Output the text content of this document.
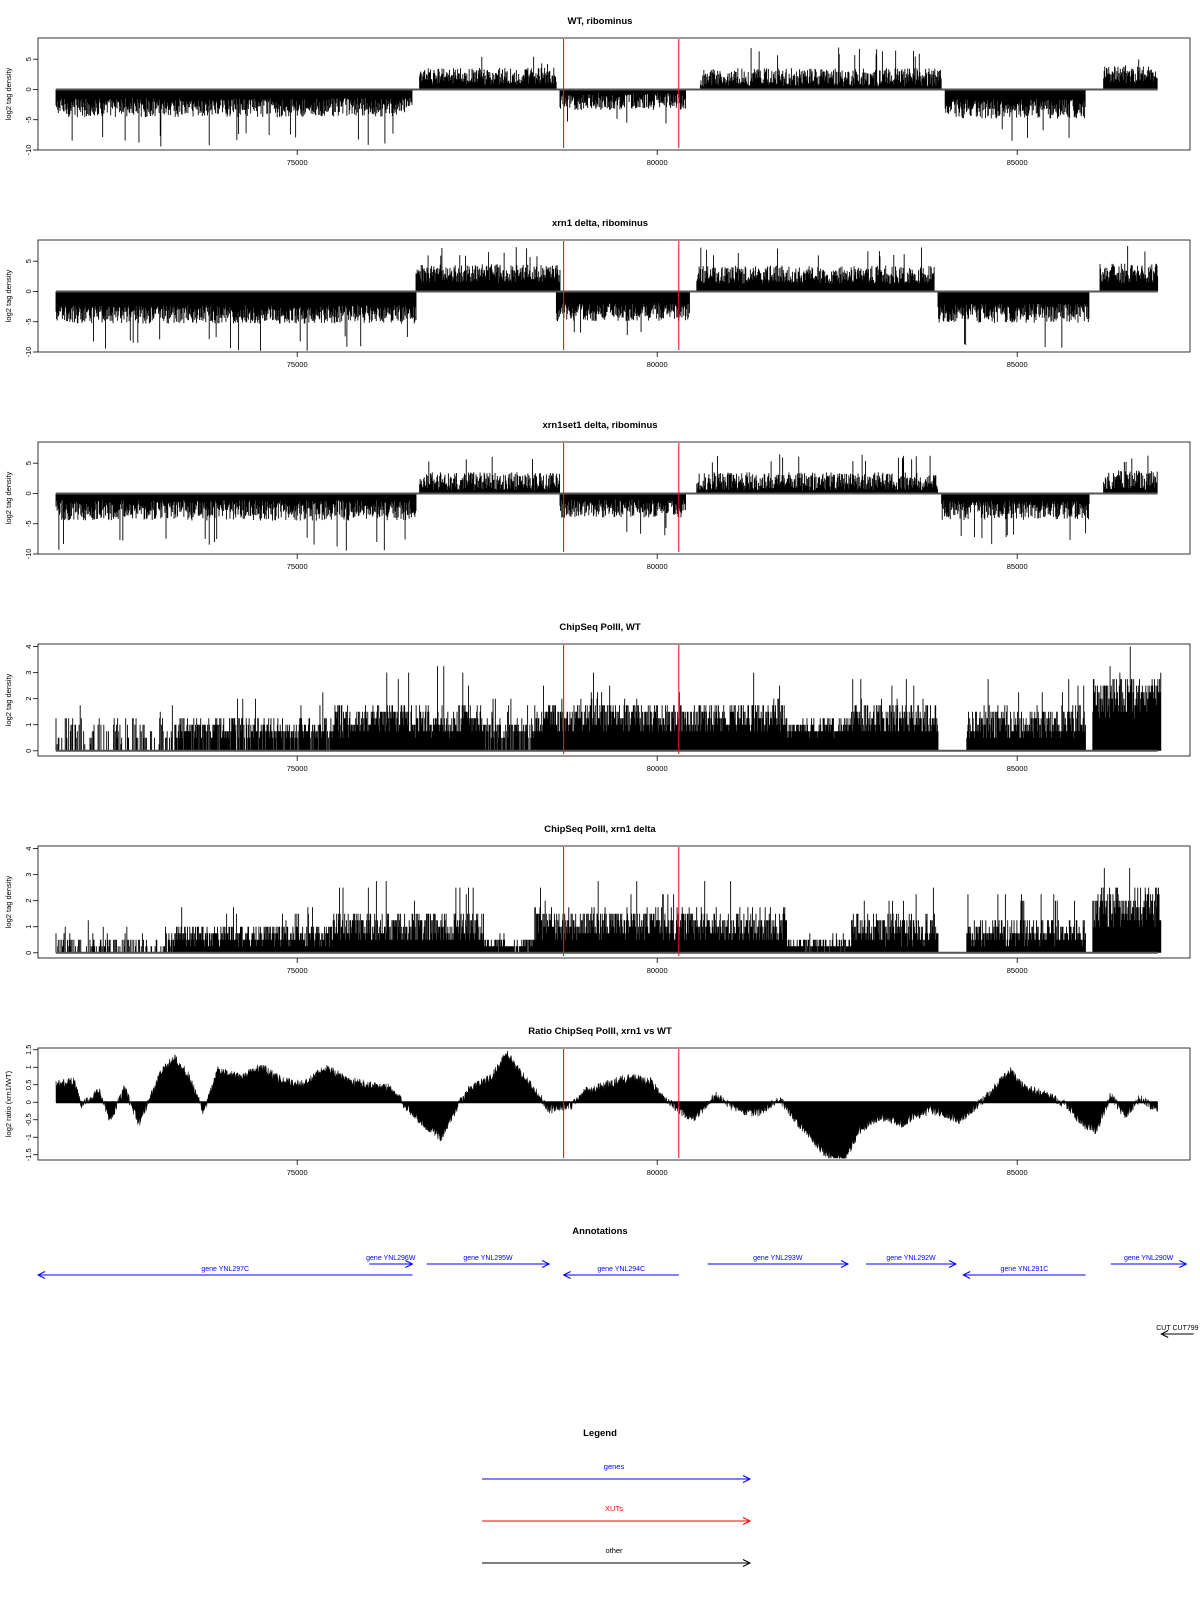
WT, ribominus
-10
-5
0
5
log2 tag density
75000	80000	85000
xrn1 delta, ribominus
-10
-5
0
5
log2 tag density
75000	80000	85000
xrn1set1 delta, ribominus
-10
-5
0
5
log2 tag density
75000	80000	85000
ChipSeq PolII, WT
0
1
2
3
4
log2 tag density
75000	80000	85000
ChipSeq PolII, xrn1 delta
0
1
2
3
4
log2 tag density
75000	80000	85000
Ratio ChipSeq PolII, xrn1 vs WT
-1.5
-1
-0.5
0
0.5
1
1.5
log2 ratio (xrn1/WT)
75000	80000	85000
Annotations
gene YNL297C
gene YNL296W	gene YNL295W
gene YNL294C
gene YNL293W	gene YNL292W
gene YNL291C
gene YNL290W
CUT CUT799
Legend
genes
XUTs
other
